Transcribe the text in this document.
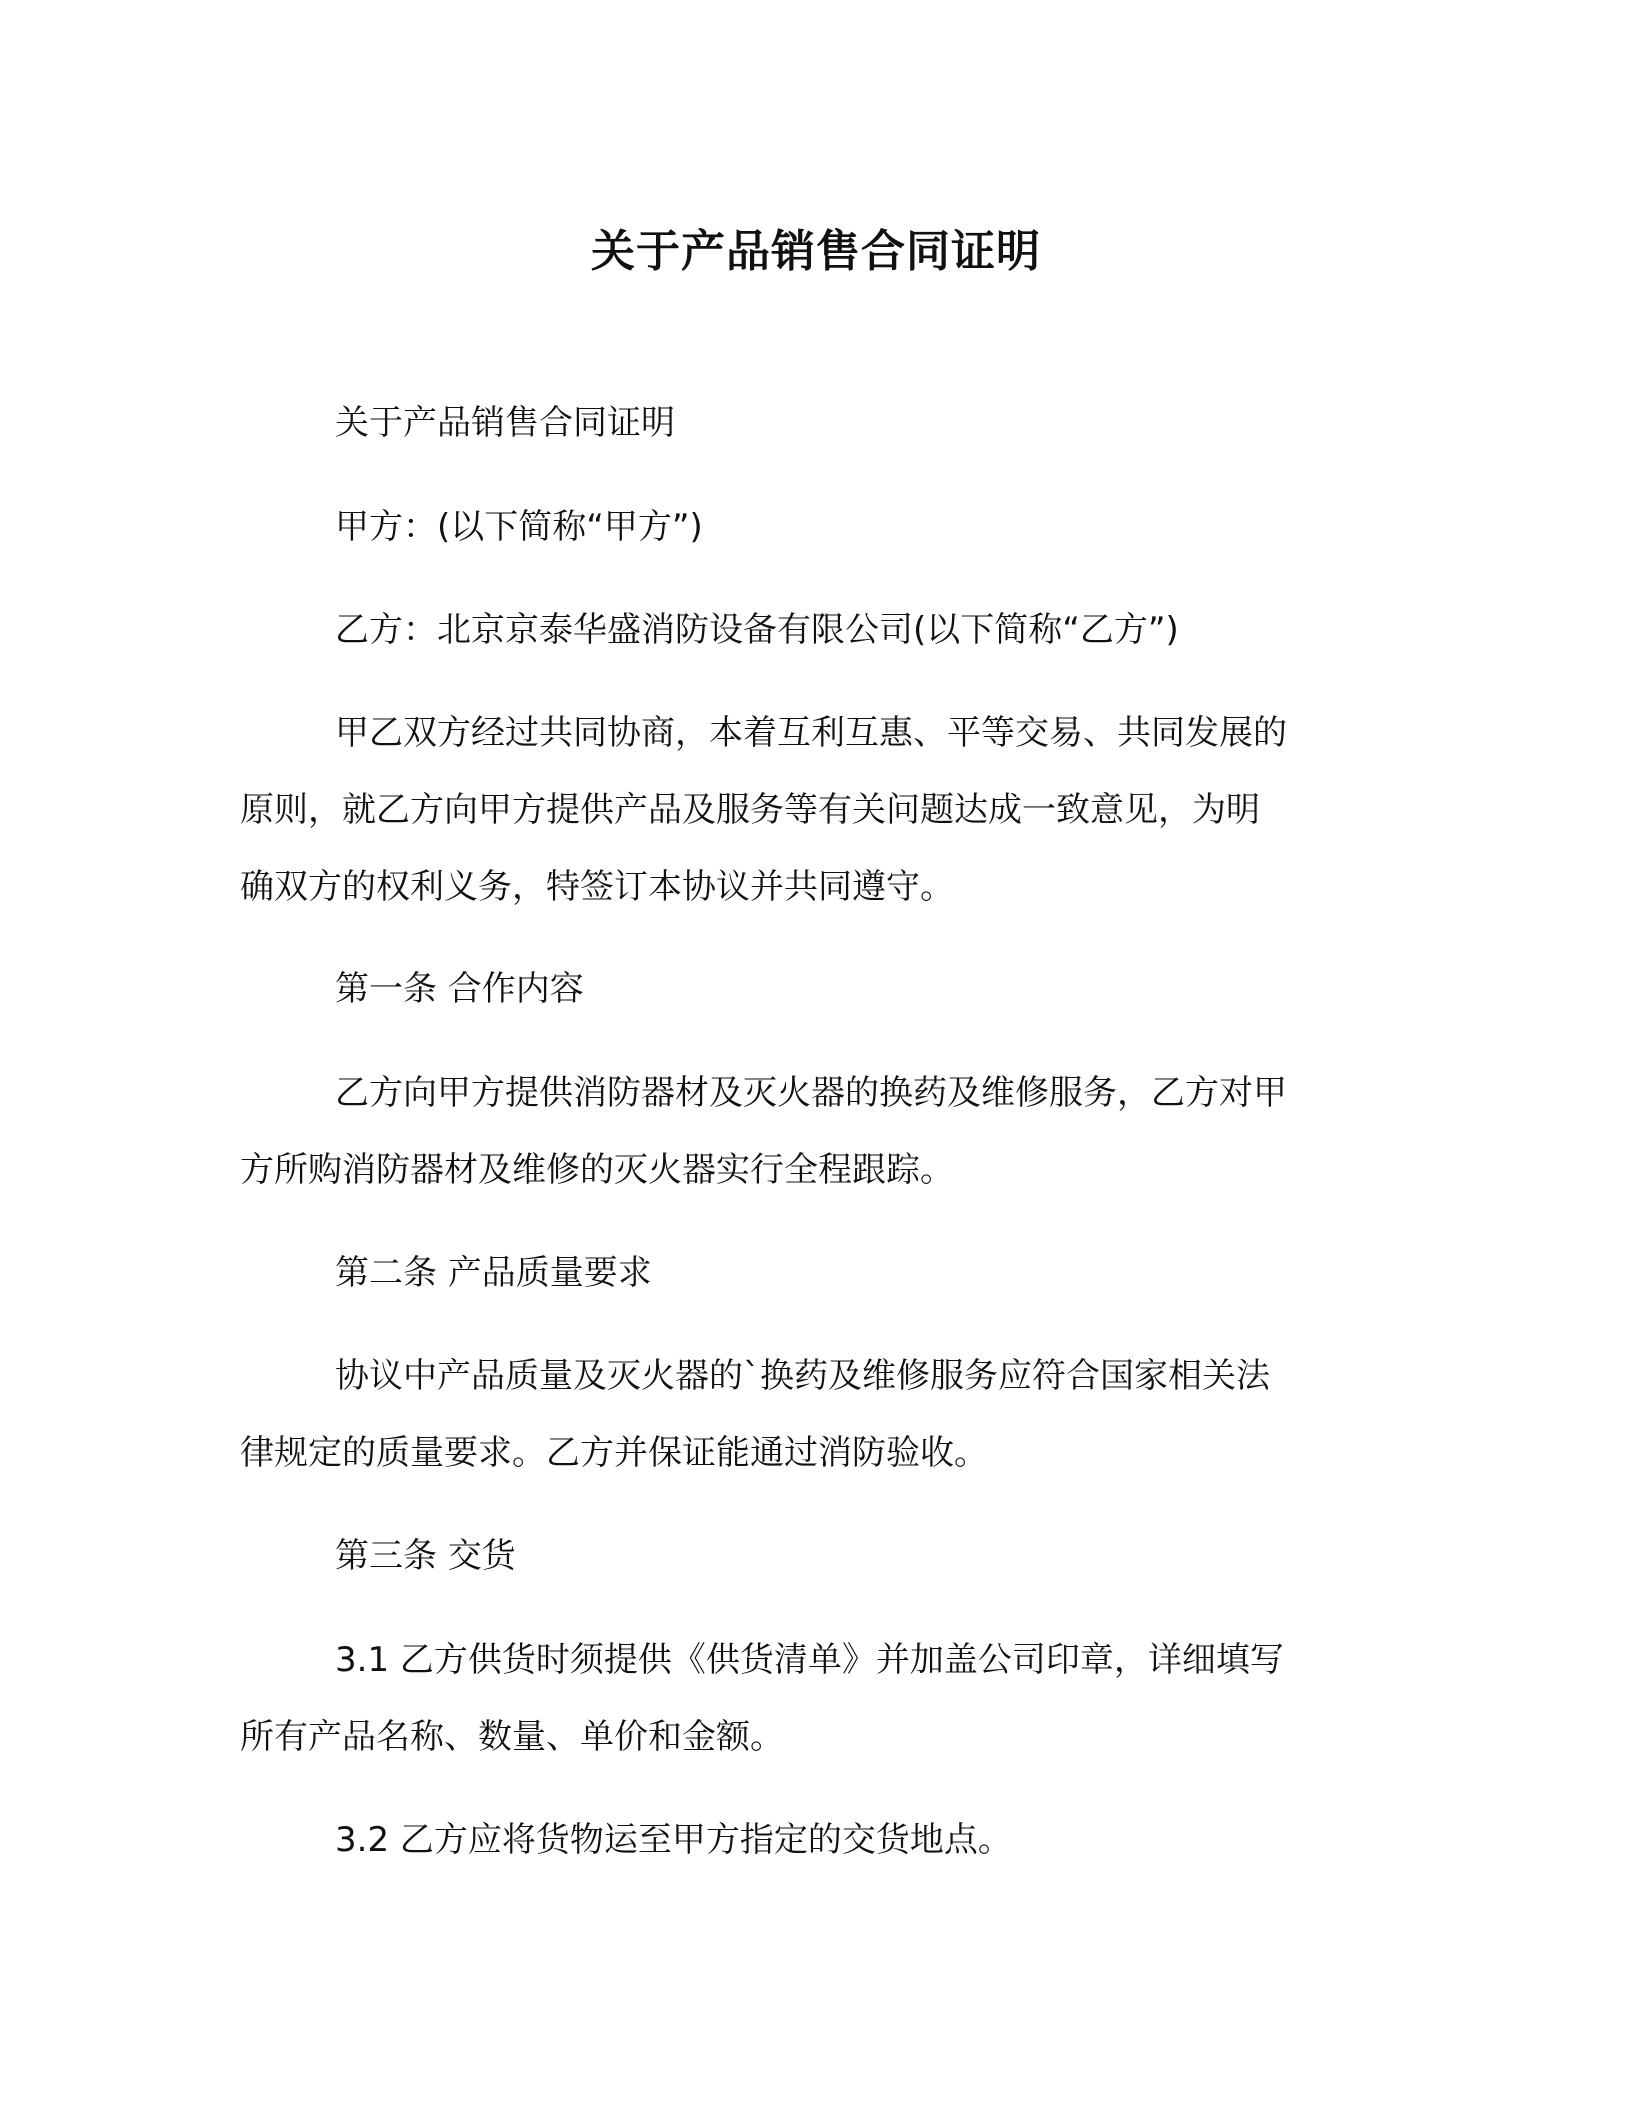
关于产品销售合同证明
关于产品销售合同证明
甲方：(以下简称“甲方”)
乙方：北京京泰华盛消防设备有限公司(以下简称“乙方”)
甲乙双方经过共同协商，本着互利互惠、平等交易、共同发展的
原则，就乙方向甲方提供产品及服务等有关问题达成一致意见，为明
确双方的权利义务，特签订本协议并共同遵守。
第一条 合作内容
乙方向甲方提供消防器材及灭火器的换药及维修服务，乙方对甲
方所购消防器材及维修的灭火器实行全程跟踪。
第二条 产品质量要求
协议中产品质量及灭火器的`换药及维修服务应符合国家相关法
律规定的质量要求。乙方并保证能通过消防验收。
第三条 交货
3.1 乙方供货时须提供《供货清单》并加盖公司印章，详细填写
所有产品名称、数量、单价和金额。
3.2 乙方应将货物运至甲方指定的交货地点。
